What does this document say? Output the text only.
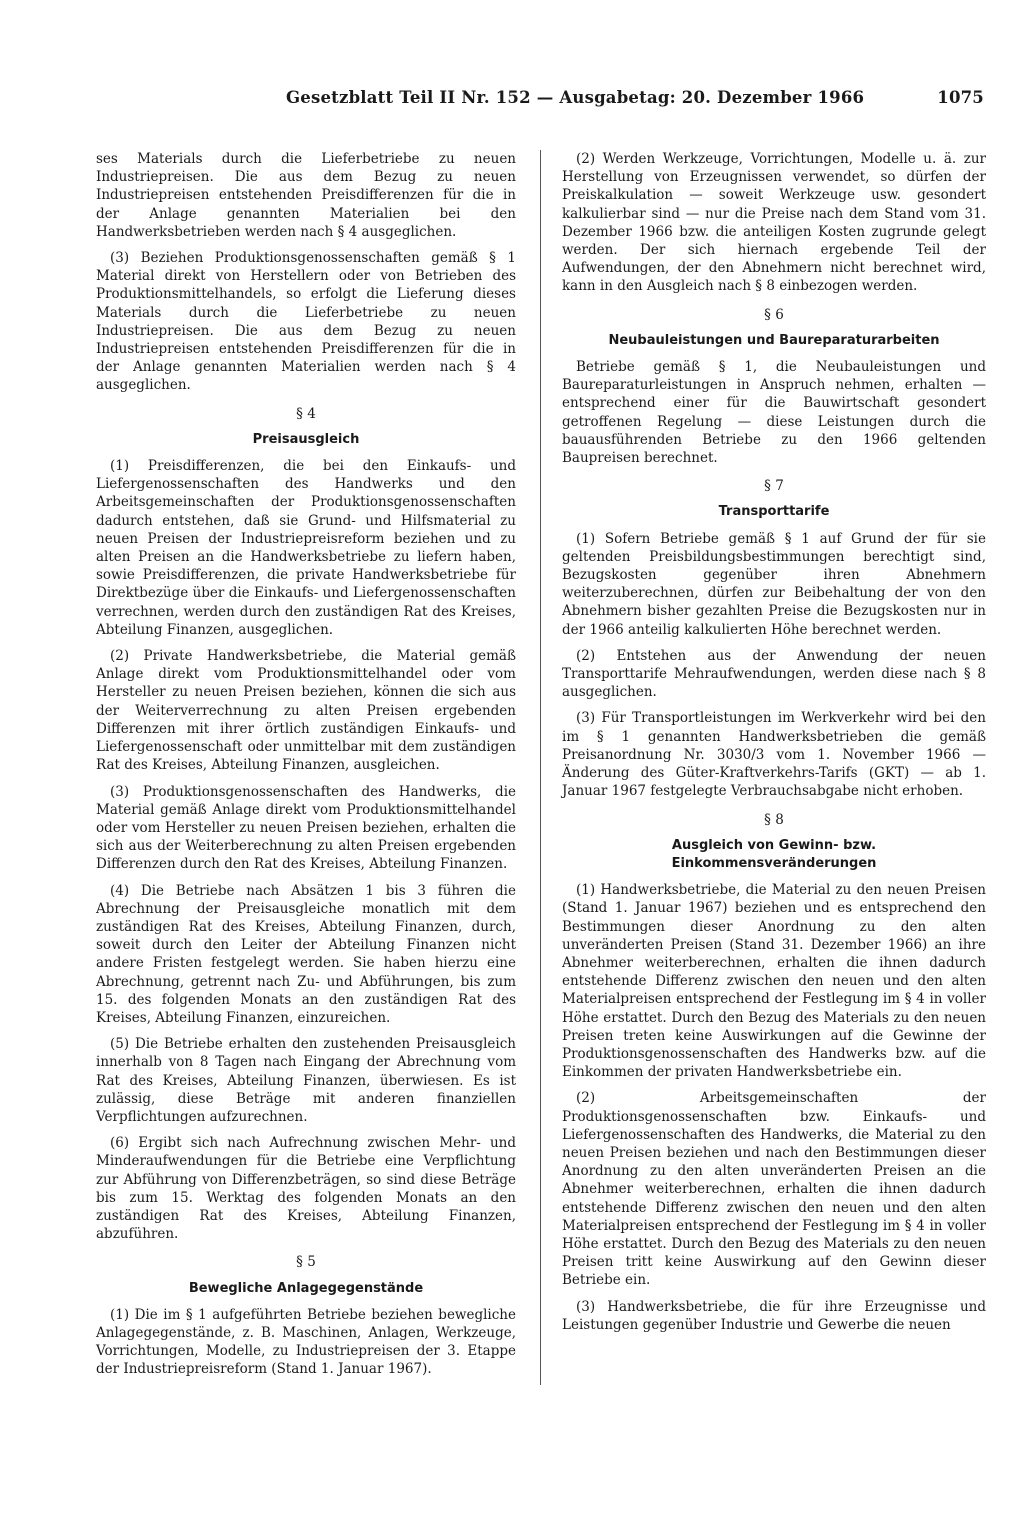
Gesetzblatt Teil II Nr. 152 — Ausgabetag: 20. Dezember 1966	1075

ses Materials durch die Lieferbetriebe zu neuen Industriepreisen. Die aus dem Bezug zu neuen Industriepreisen entstehenden Preisdifferenzen für die in der Anlage genannten Materialien bei den Handwerksbetrieben werden nach § 4 ausgeglichen.

(3) Beziehen Produktionsgenossenschaften gemäß § 1 Material direkt von Herstellern oder von Betrieben des Produktionsmittelhandels, so erfolgt die Lieferung dieses Materials durch die Lieferbetriebe zu neuen Industriepreisen. Die aus dem Bezug zu neuen Industriepreisen entstehenden Preisdifferenzen für die in der Anlage genannten Materialien werden nach § 4 ausgeglichen.

§ 4
Preisausgleich

(1) Preisdifferenzen, die bei den Einkaufs- und Liefergenossenschaften des Handwerks und den Arbeitsgemeinschaften der Produktionsgenossenschaften dadurch entstehen, daß sie Grund- und Hilfsmaterial zu neuen Preisen der Industriepreisreform beziehen und zu alten Preisen an die Handwerksbetriebe zu liefern haben, sowie Preisdifferenzen, die private Handwerksbetriebe für Direktbezüge über die Einkaufs- und Liefergenossenschaften verrechnen, werden durch den zuständigen Rat des Kreises, Abteilung Finanzen, ausgeglichen.

(2) Private Handwerksbetriebe, die Material gemäß Anlage direkt vom Produktionsmittelhandel oder vom Hersteller zu neuen Preisen beziehen, können die sich aus der Weiterverrechnung zu alten Preisen ergebenden Differenzen mit ihrer örtlich zuständigen Einkaufs- und Liefergenossenschaft oder unmittelbar mit dem zuständigen Rat des Kreises, Abteilung Finanzen, ausgleichen.

(3) Produktionsgenossenschaften des Handwerks, die Material gemäß Anlage direkt vom Produktionsmittelhandel oder vom Hersteller zu neuen Preisen beziehen, erhalten die sich aus der Weiterberechnung zu alten Preisen ergebenden Differenzen durch den Rat des Kreises, Abteilung Finanzen.

(4) Die Betriebe nach Absätzen 1 bis 3 führen die Abrechnung der Preisausgleiche monatlich mit dem zuständigen Rat des Kreises, Abteilung Finanzen, durch, soweit durch den Leiter der Abteilung Finanzen nicht andere Fristen festgelegt werden. Sie haben hierzu eine Abrechnung, getrennt nach Zu- und Abführungen, bis zum 15. des folgenden Monats an den zuständigen Rat des Kreises, Abteilung Finanzen, einzureichen.

(5) Die Betriebe erhalten den zustehenden Preisausgleich innerhalb von 8 Tagen nach Eingang der Abrechnung vom Rat des Kreises, Abteilung Finanzen, überwiesen. Es ist zulässig, diese Beträge mit anderen finanziellen Verpflichtungen aufzurechnen.

(6) Ergibt sich nach Aufrechnung zwischen Mehr- und Minderaufwendungen für die Betriebe eine Verpflichtung zur Abführung von Differenzbeträgen, so sind diese Beträge bis zum 15. Werktag des folgenden Monats an den zuständigen Rat des Kreises, Abteilung Finanzen, abzuführen.

§ 5
Bewegliche Anlagegegenstände

(1) Die im § 1 aufgeführten Betriebe beziehen bewegliche Anlagegegenstände, z. B. Maschinen, Anlagen, Werkzeuge, Vorrichtungen, Modelle, zu Industriepreisen der 3. Etappe der Industriepreisreform (Stand 1. Januar 1967).

(2) Werden Werkzeuge, Vorrichtungen, Modelle u. ä. zur Herstellung von Erzeugnissen verwendet, so dürfen der Preiskalkulation — soweit Werkzeuge usw. gesondert kalkulierbar sind — nur die Preise nach dem Stand vom 31. Dezember 1966 bzw. die anteiligen Kosten zugrunde gelegt werden. Der sich hiernach ergebende Teil der Aufwendungen, der den Abnehmern nicht berechnet wird, kann in den Ausgleich nach § 8 einbezogen werden.

§ 6
Neubauleistungen und Baureparaturarbeiten

Betriebe gemäß § 1, die Neubauleistungen und Baureparaturleistungen in Anspruch nehmen, erhalten — entsprechend einer für die Bauwirtschaft gesondert getroffenen Regelung — diese Leistungen durch die bauausführenden Betriebe zu den 1966 geltenden Baupreisen berechnet.

§ 7
Transporttarife

(1) Sofern Betriebe gemäß § 1 auf Grund der für sie geltenden Preisbildungsbestimmungen berechtigt sind, Bezugskosten gegenüber ihren Abnehmern weiterzuberechnen, dürfen zur Beibehaltung der von den Abnehmern bisher gezahlten Preise die Bezugskosten nur in der 1966 anteilig kalkulierten Höhe berechnet werden.

(2) Entstehen aus der Anwendung der neuen Transporttarife Mehraufwendungen, werden diese nach § 8 ausgeglichen.

(3) Für Transportleistungen im Werkverkehr wird bei den im § 1 genannten Handwerksbetrieben die gemäß Preisanordnung Nr. 3030/3 vom 1. November 1966 — Änderung des Güter-Kraftverkehrs-Tarifs (GKT) — ab 1. Januar 1967 festgelegte Verbrauchsabgabe nicht erhoben.

§ 8
Ausgleich von Gewinn- bzw.
Einkommensveränderungen

(1) Handwerksbetriebe, die Material zu den neuen Preisen (Stand 1. Januar 1967) beziehen und es entsprechend den Bestimmungen dieser Anordnung zu den alten unveränderten Preisen (Stand 31. Dezember 1966) an ihre Abnehmer weiterberechnen, erhalten die ihnen dadurch entstehende Differenz zwischen den neuen und den alten Materialpreisen entsprechend der Festlegung im § 4 in voller Höhe erstattet. Durch den Bezug des Materials zu den neuen Preisen treten keine Auswirkungen auf die Gewinne der Produktionsgenossenschaften des Handwerks bzw. auf die Einkommen der privaten Handwerksbetriebe ein.

(2) Arbeitsgemeinschaften der Produktionsgenossenschaften bzw. Einkaufs- und Liefergenossenschaften des Handwerks, die Material zu den neuen Preisen beziehen und nach den Bestimmungen dieser Anordnung zu den alten unveränderten Preisen an die Abnehmer weiterberechnen, erhalten die ihnen dadurch entstehende Differenz zwischen den neuen und den alten Materialpreisen entsprechend der Festlegung im § 4 in voller Höhe erstattet. Durch den Bezug des Materials zu den neuen Preisen tritt keine Auswirkung auf den Gewinn dieser Betriebe ein.

(3) Handwerksbetriebe, die für ihre Erzeugnisse und Leistungen gegenüber Industrie und Gewerbe die neuen
